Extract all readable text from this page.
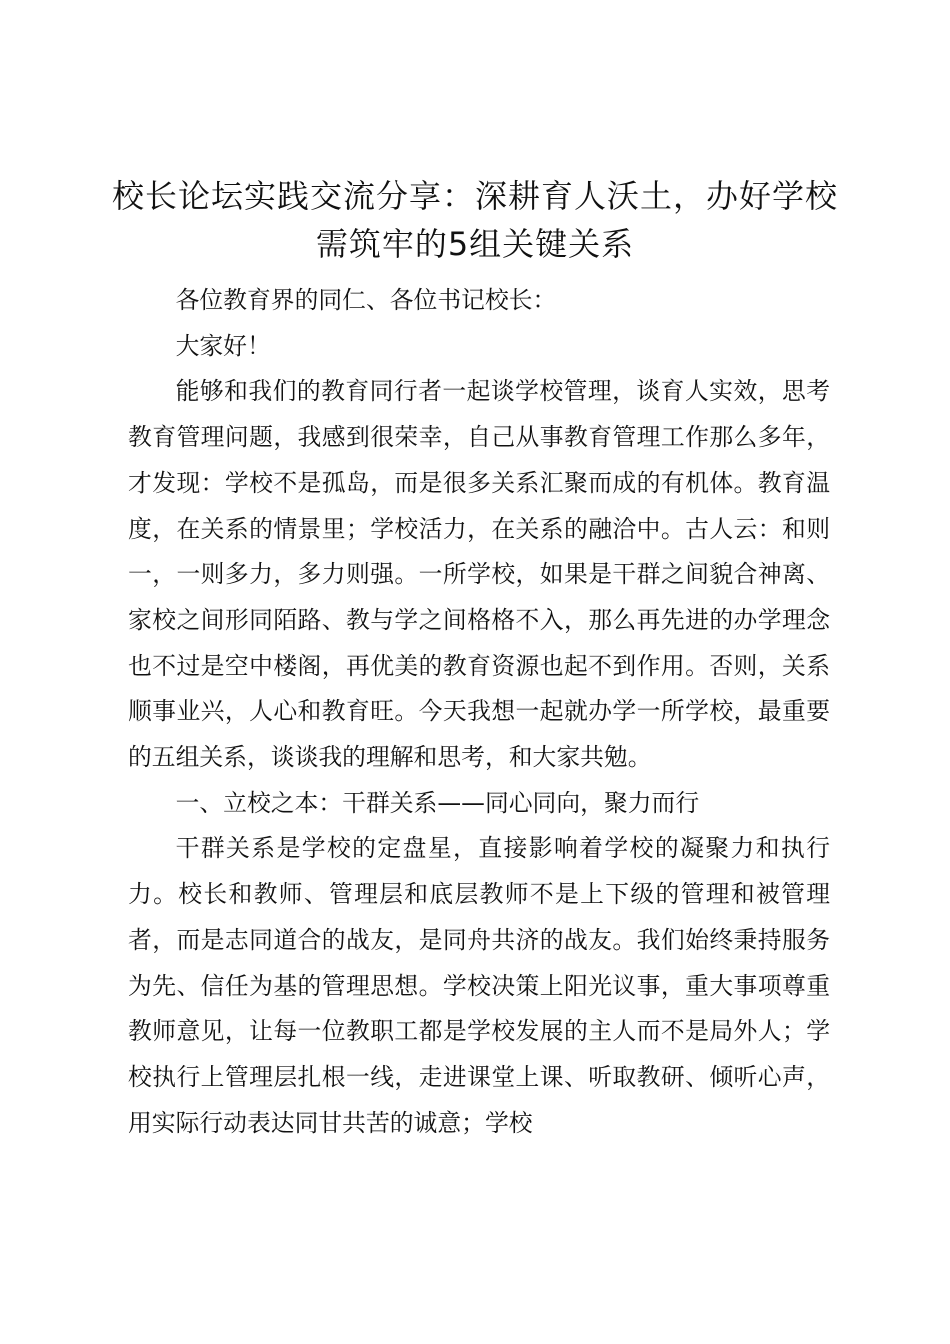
校长论坛实践交流分享：深耕育人沃土，办好学校需筑牢的5组关键关系

各位教育界的同仁、各位书记校长：

大家好！

能够和我们的教育同行者一起谈学校管理，谈育人实效，思考教育管理问题，我感到很荣幸，自己从事教育管理工作那么多年，才发现：学校不是孤岛，而是很多关系汇聚而成的有机体。教育温度，在关系的情景里；学校活力，在关系的融洽中。古人云：和则一，一则多力，多力则强。一所学校，如果是干群之间貌合神离、家校之间形同陌路、教与学之间格格不入，那么再先进的办学理念也不过是空中楼阁，再优美的教育资源也起不到作用。否则，关系顺事业兴，人心和教育旺。今天我想一起就办学一所学校，最重要的五组关系，谈谈我的理解和思考，和大家共勉。

一、立校之本：干群关系——同心同向，聚力而行

干群关系是学校的定盘星，直接影响着学校的凝聚力和执行力。校长和教师、管理层和底层教师不是上下级的管理和被管理者，而是志同道合的战友，是同舟共济的战友。我们始终秉持服务为先、信任为基的管理思想。学校决策上阳光议事，重大事项尊重教师意见，让每一位教职工都是学校发展的主人而不是局外人；学校执行上管理层扎根一线，走进课堂上课、听取教研、倾听心声，用实际行动表达同甘共苦的诚意；学校
